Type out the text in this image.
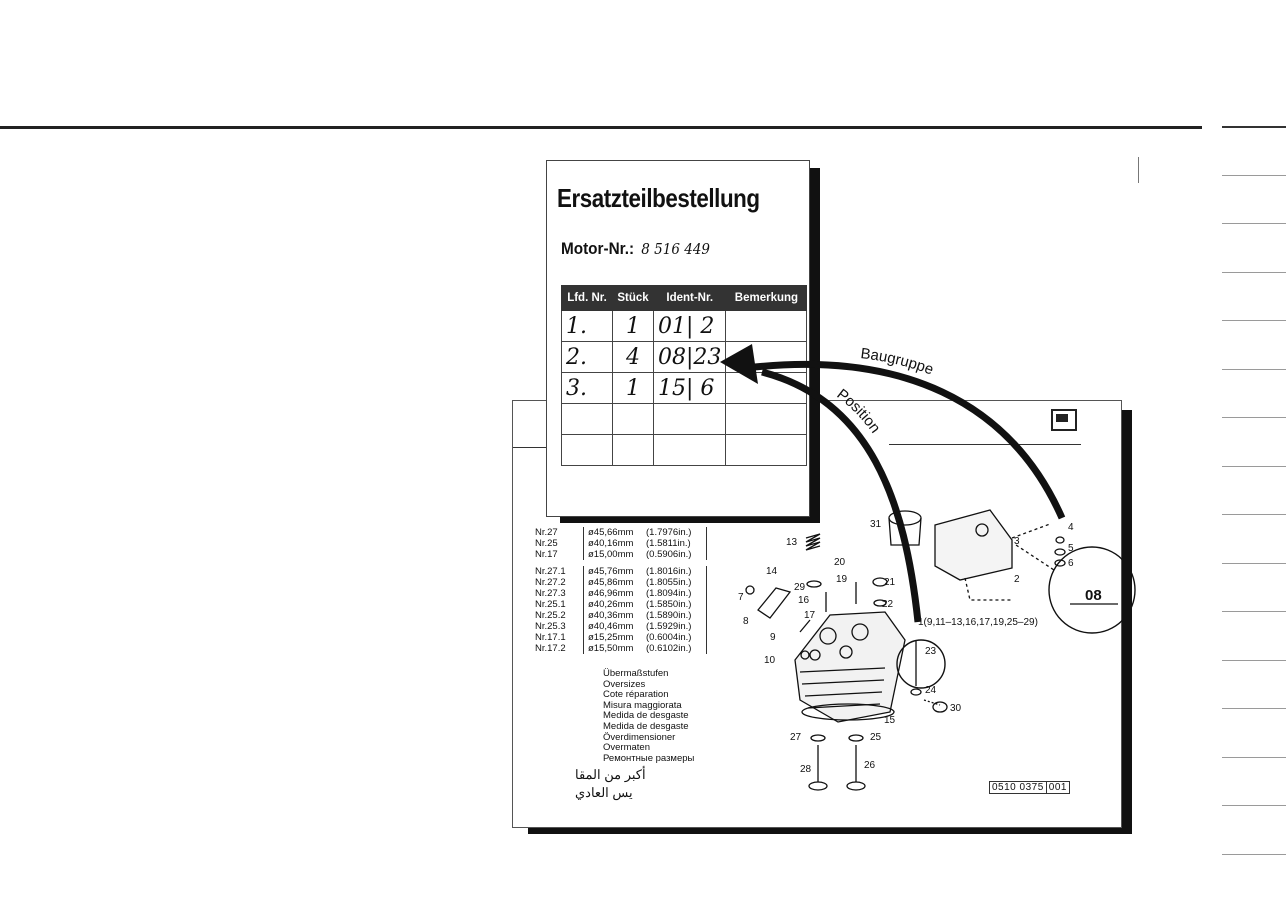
Nr.27	ø45,66mm	(1.7976in.)
Nr.25	ø40,16mm	(1.5811in.)
Nr.17	ø15,00mm	(0.5906in.)
Nr.27.1	ø45,76mm	(1.8016in.)
Nr.27.2	ø45,86mm	(1.8055in.)
Nr.27.3	ø46,96mm	(1.8094in.)
Nr.25.1	ø40,26mm	(1.5850in.)
Nr.25.2	ø40,36mm	(1.5890in.)
Nr.25.3	ø40,46mm	(1.5929in.)
Nr.17.1	ø15,25mm	(0.6004in.)
Nr.17.2	ø15,50mm	(0.6102in.)
Übermaßstufen
Oversizes
Cote réparation
Misura maggiorata
Medida de desgaste
Medida de desgaste
Överdimensioner
Overmaten
Ремонтные размеры
أكبر من المقا
يس العادي	0510 0375 001
2
3
4
5
6
7
8
9
10
13
14
15
16
17
19
20
21
22
23
24
25
26
27
28
29
30
31
1(9,11–13,16,17,19,25–29)
08
Ersatzteilbestellung
Motor-Nr.: 8 516 449
Lfd. Nr.	Stück	Ident-Nr.	Bemerkung
1.	1	01| 2	
2.	4	08|23	
3.	1	15| 6	

Baugruppe
Position
